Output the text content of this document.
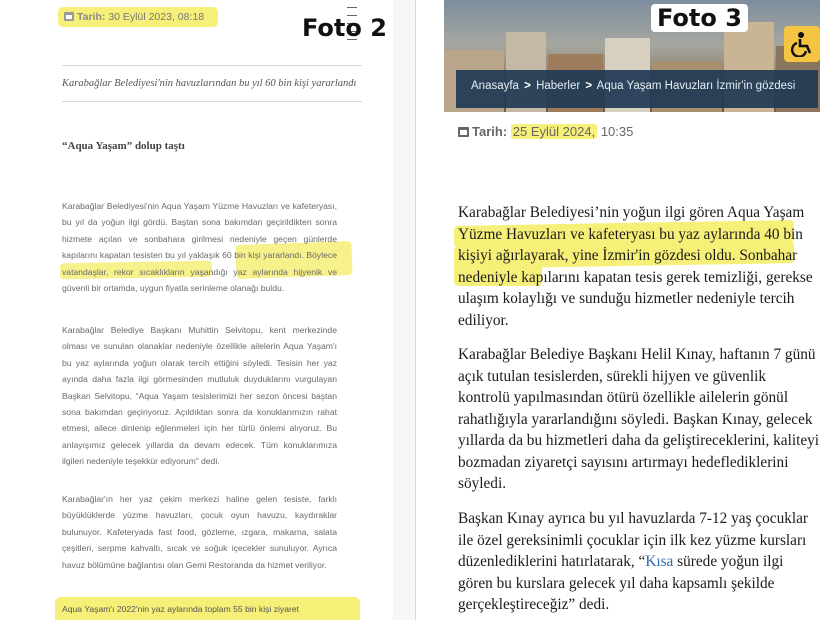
Tarih: 30 Eylül 2023, 08:18	Foto 2
Karabağlar Belediyesi'nin havuzlarından bu yıl 60 bin kişi yararlandı
“Aqua Yaşam” dolup taştı
Karabağlar Belediyesi'nin Aqua Yaşam Yüzme Havuzları ve kafeteryası, bu yıl da yoğun ilgi gördü. Baştan sona bakımdan geçirildikten sonra hizmete açılan ve sonbahara girilmesi nedeniyle geçen günlerde kapılarını kapatan tesisten bu yıl yaklaşık 60 bin kişi yararlandı. Böylece vatandaşlar, rekor sıcaklıkların yaşandığı yaz aylarında hijyenik ve güvenli bir ortamda, uygun fiyatla serinleme olanağı buldu.
Karabağlar Belediye Başkanı Muhittin Selvitopu, kent merkezinde olması ve sunulan olanaklar nedeniyle özellikle ailelerin Aqua Yaşam'ı bu yaz aylarında yoğun olarak tercih ettiğini söyledi. Tesisin her yaz ayında daha fazla ilgi görmesinden mutluluk duyduklarını vurgulayan Başkan Selvitopu, “Aqua Yaşam tesislerimizi her sezon öncesi baştan sona bakımdan geçiriyoruz. Açıldıktan sonra da konuklarımızın rahat etmesi, ailece dinlenip eğlenmeleri için her türlü önlemi alıyoruz. Bu anlayışımız gelecek yıllarda da devam edecek. Tüm konuklarımıza ilgileri nedeniyle teşekkür ediyorum” dedi.
Karabağlar'ın her yaz çekim merkezi haline gelen tesiste, farklı büyüklüklerde yüzme havuzları, çocuk oyun havuzu, kaydıraklar bulunuyor. Kafeteryada fast food, gözleme, ızgara, makarna, salata çeşitleri, serpme kahvaltı, sıcak ve soğuk içecekler sunuluyor. Ayrıca havuz bölümüne bağlantısı olan Gemi Restoranda da hizmet veriliyor.
Aqua Yaşam'ı 2022'nin yaz aylarında toplam 55 bin kişi ziyaret
Foto 3
Anasayfa > Haberler > Aqua Yaşam Havuzları İzmir'in gözdesi
Tarih: 25 Eylül 2024, 10:35
Karabağlar Belediyesi’nin yoğun ilgi gören Aqua Yaşam Yüzme Havuzları ve kafeteryası bu yaz aylarında 40 bin kişiyi ağırlayarak, yine İzmir'in gözdesi oldu. Sonbahar nedeniyle kapılarını kapatan tesis gerek temizliği, gerekse ulaşım kolaylığı ve sunduğu hizmetler nedeniyle tercih ediliyor.
Karabağlar Belediye Başkanı Helil Kınay, haftanın 7 günü açık tutulan tesislerden, sürekli hijyen ve güvenlik kontrolü yapılmasından ötürü özellikle ailelerin gönül rahatlığıyla yararlandığını söyledi. Başkan Kınay, gelecek yıllarda da bu hizmetleri daha da geliştireceklerini, kaliteyi bozmadan ziyaretçi sayısını artırmayı hedeflediklerini söyledi.
Başkan Kınay ayrıca bu yıl havuzlarda 7-12 yaş çocuklar ile özel gereksinimli çocuklar için ilk kez yüzme kursları düzenlediklerini hatırlatarak, “Kısa sürede yoğun ilgi gören bu kurslara gelecek yıl daha kapsamlı şekilde gerçekleştireceğiz” dedi.
